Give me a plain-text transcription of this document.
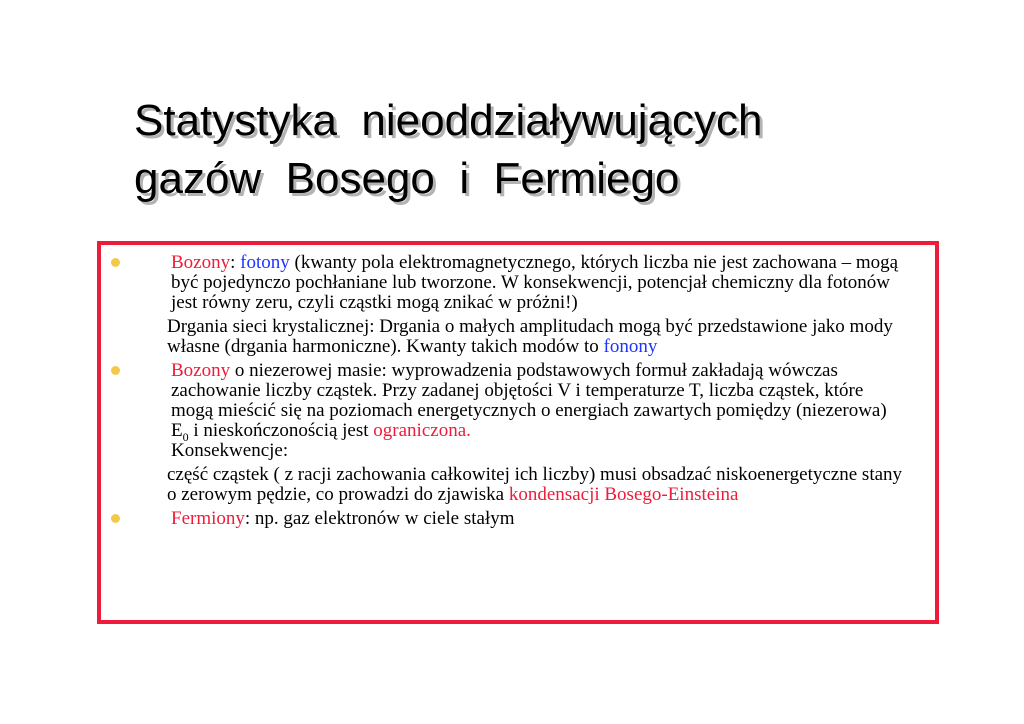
Statystyka  nieoddziaływujących
gazów  Bosego  i  Fermiego
Bozony: fotony (kwanty pola elektromagnetycznego, których liczba nie jest zachowana – mogą być pojedynczo pochłaniane lub tworzone. W konsekwencji, potencjał chemiczny dla fotonów jest równy zeru, czyli cząstki mogą znikać w próżni!)
Drgania sieci krystalicznej: Drgania o małych amplitudach mogą być przedstawione jako mody własne (drgania harmoniczne). Kwanty takich modów to fonony
Bozony o niezerowej masie: wyprowadzenia podstawowych formuł zakładają wówczas zachowanie liczby cząstek. Przy zadanej objętości V i temperaturze T, liczba cząstek, które mogą mieścić się na poziomach energetycznych o energiach zawartych pomiędzy (niezerowa) $E_0$ i nieskończonością jest ograniczona.
Konsekwencje:
część cząstek ( z racji zachowania całkowitej ich liczby) musi obsadzać niskoenergetyczne stany o zerowym pędzie, co prowadzi do zjawiska kondensacji Bosego-Einsteina
Fermiony: np. gaz elektronów w ciele stałym
